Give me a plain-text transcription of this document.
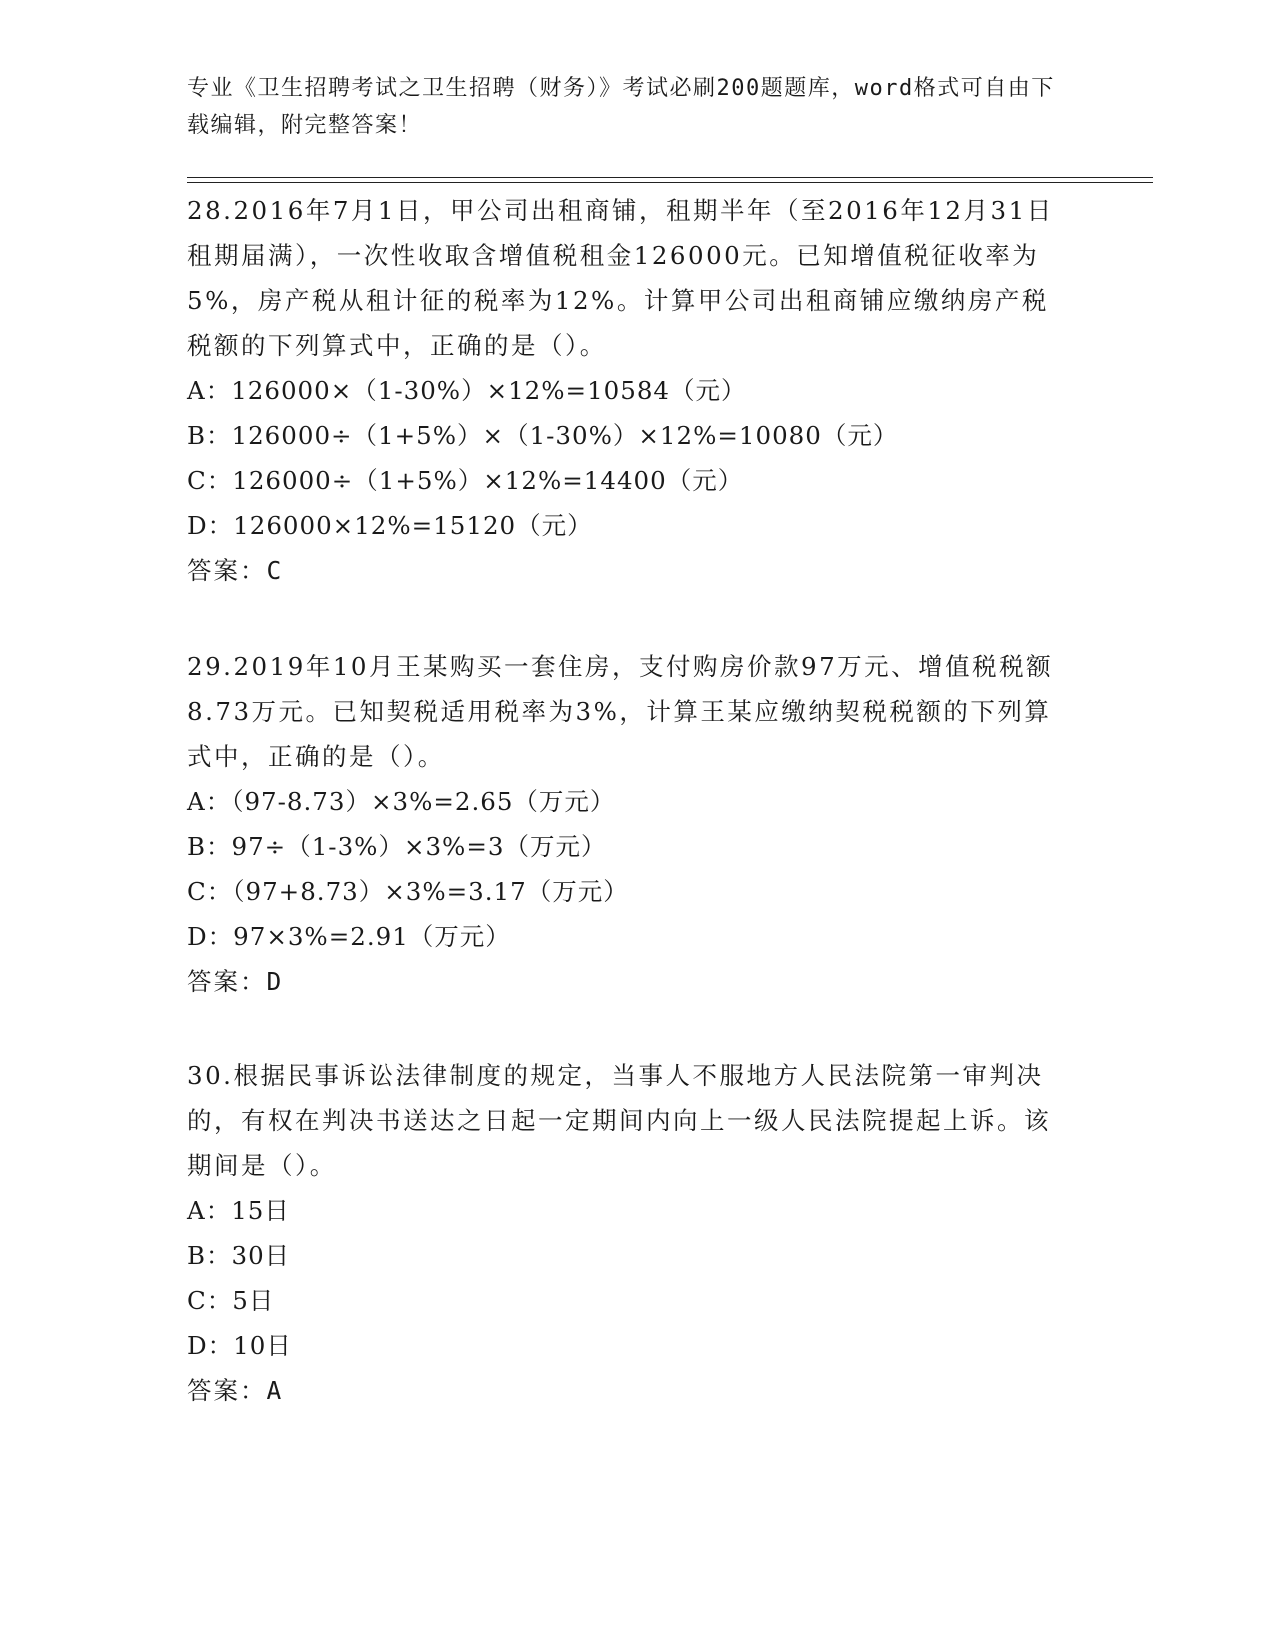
专业《卫生招聘考试之卫生招聘（财务）》考试必刷200题题库，word格式可自由下载编辑，附完整答案！

28.2016年7月1日，甲公司出租商铺，租期半年（至2016年12月31日租期届满），一次性收取含增值税租金126000元。已知增值税征收率为5%，房产税从租计征的税率为12%。计算甲公司出租商铺应缴纳房产税税额的下列算式中，正确的是（）。

A：126000×（1-30%）×12%=10584（元）

B：126000÷（1+5%）×（1-30%）×12%=10080（元）

C：126000÷（1+5%）×12%=14400（元）

D：126000×12%=15120（元）

答案：C

29.2019年10月王某购买一套住房，支付购房价款97万元、增值税税额8.73万元。已知契税适用税率为3%，计算王某应缴纳契税税额的下列算式中，正确的是（）。

A：（97-8.73）×3%=2.65（万元）

B：97÷（1-3%）×3%=3（万元）

C：（97+8.73）×3%=3.17（万元）

D：97×3%=2.91（万元）

答案：D

30.根据民事诉讼法律制度的规定，当事人不服地方人民法院第一审判决的，有权在判决书送达之日起一定期间内向上一级人民法院提起上诉。该期间是（）。

A：15日

B：30日

C：5日

D：10日

答案：A
